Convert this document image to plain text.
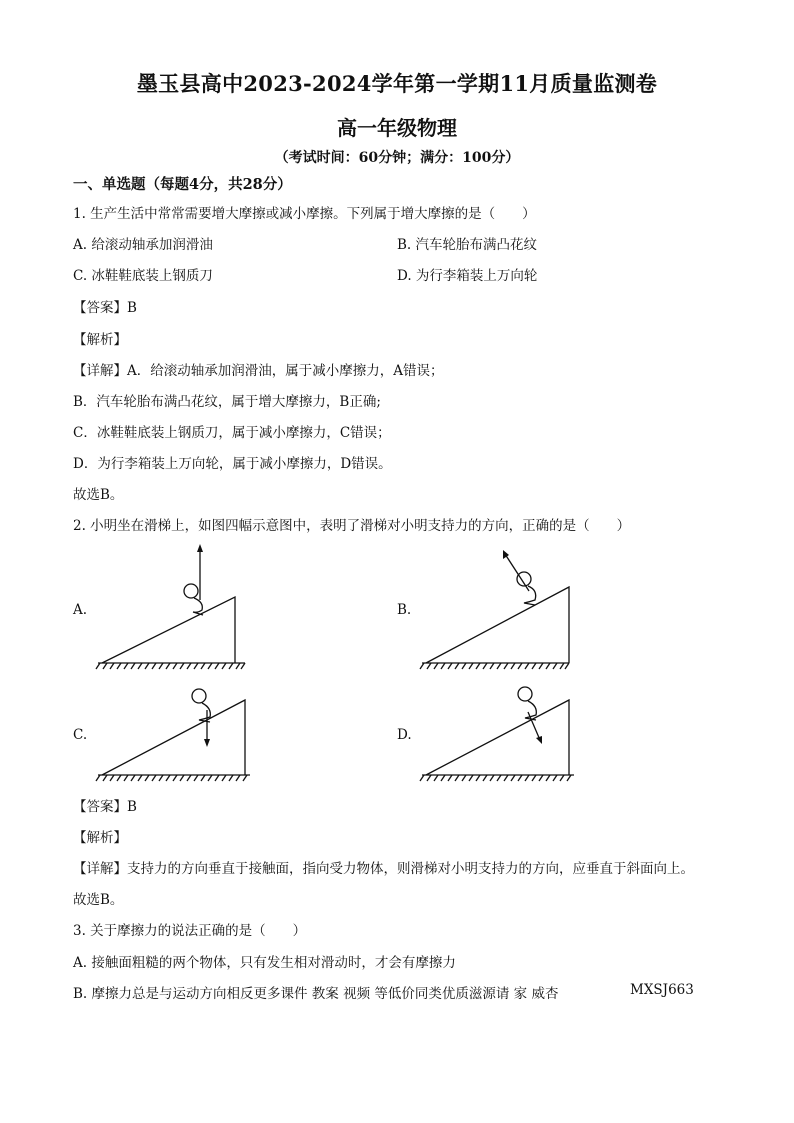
墨玉县高中2023-2024学年第一学期11月质量监测卷
高一年级物理
（考试时间：60分钟；满分：100分）
一、单选题（每题4分，共28分）
1. 生产生活中常常需要增大摩擦或减小摩擦。下列属于增大摩擦的是（　　）
A. 给滚动轴承加润滑油	B. 汽车轮胎布满凸花纹
C. 冰鞋鞋底装上钢质刀	D. 为行李箱装上万向轮
【答案】B
【解析】
【详解】A．给滚动轴承加润滑油，属于减小摩擦力，A错误；
B．汽车轮胎布满凸花纹，属于增大摩擦力，B正确;
C．冰鞋鞋底装上钢质刀，属于减小摩擦力，C错误；
D．为行李箱装上万向轮，属于减小摩擦力，D错误。
故选B。
2. 小明坐在滑梯上，如图四幅示意图中，表明了滑梯对小明支持力的方向，正确的是（　　）
A.	B.
C.	D.
【答案】B
【解析】
【详解】支持力的方向垂直于接触面，指向受力物体，则滑梯对小明支持力的方向，应垂直于斜面向上。
故选B。
3. 关于摩擦力的说法正确的是（　　）
A. 接触面粗糙的两个物体，只有发生相对滑动时，才会有摩擦力
B. 摩擦力总是与运动方向相反更多课件 教案 视频 等低价同类优质滋源请 家 威杏	MXSJ663
